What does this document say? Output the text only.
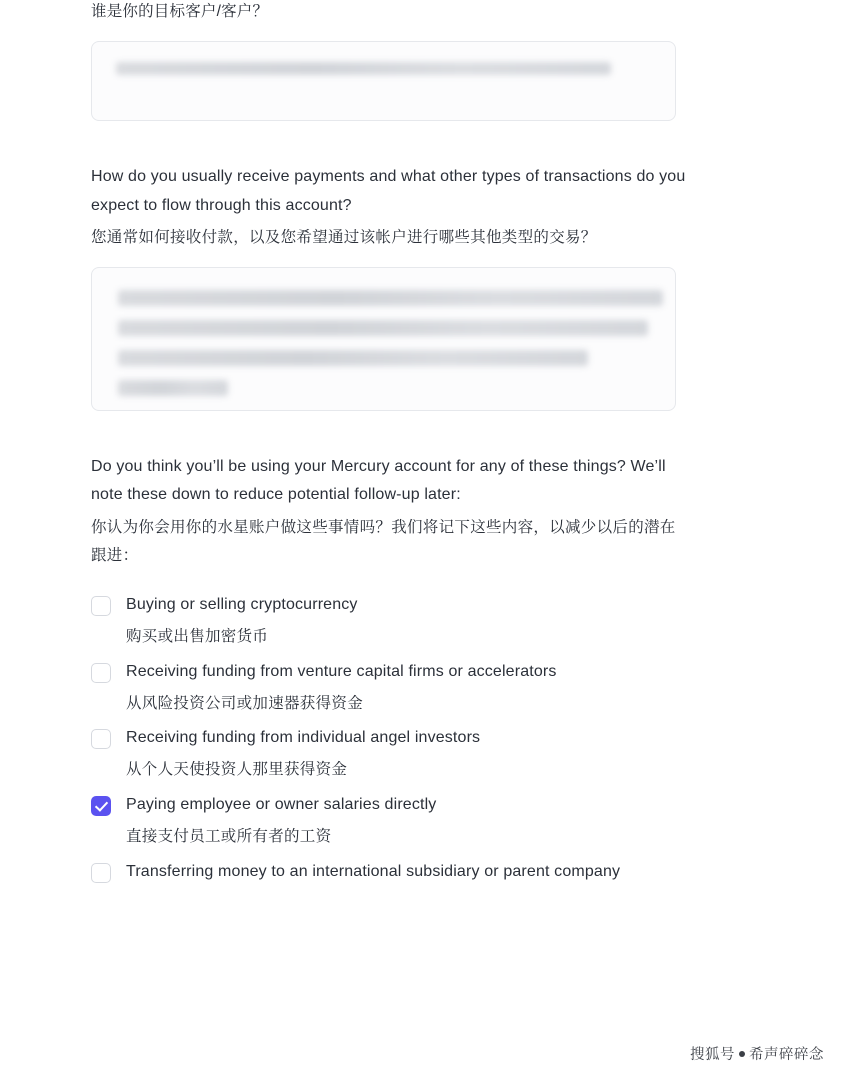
谁是你的目标客户/客户？

How do you usually receive payments and what other types of transactions do you expect to flow through this account?

您通常如何接收付款，以及您希望通过该帐户进行哪些其他类型的交易？

Do you think you’ll be using your Mercury account for any of these things? We’ll note these down to reduce potential follow-up later:

你认为你会用你的水星账户做这些事情吗？我们将记下这些内容，以减少以后的潜在跟进：

Buying or selling cryptocurrency
购买或出售加密货币
Receiving funding from venture capital firms or accelerators
从风险投资公司或加速器获得资金
Receiving funding from individual angel investors
从个人天使投资人那里获得资金
Paying employee or owner salaries directly
直接支付员工或所有者的工资
Transferring money to an international subsidiary or parent company
搜狐号 希声碎碎念
